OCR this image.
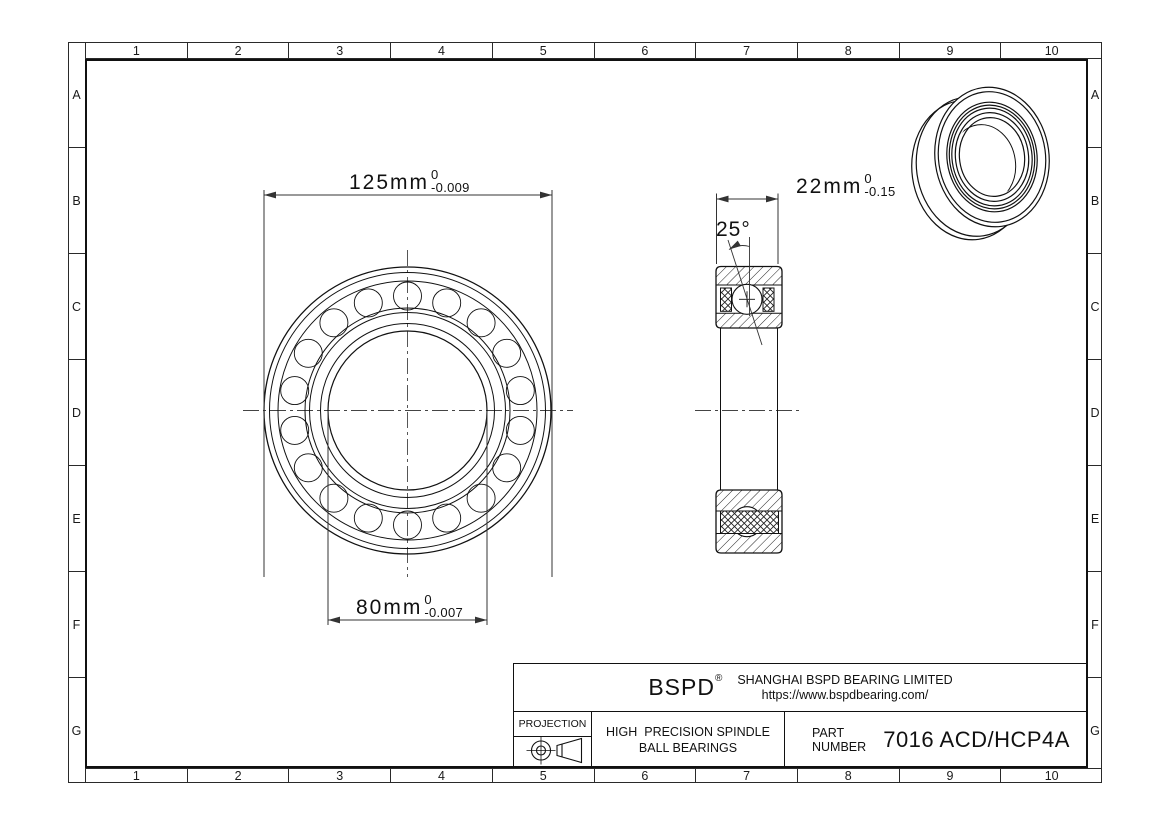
1	2	3	4	5	6	7	8	9	10
1	2	3	4	5	6	7	8	9	10
A
B
C
D
E
F
G
A
B
C
D
E
F
G
125mm 0
-0.009
80mm 0
-0.007
22mm 0
-0.15
25°
BSPD ® SHANGHAI BSPD BEARING LIMITED
https://www.bspdbearing.com/
PROJECTION
HIGH  PRECISION SPINDLE
BALL BEARINGS
PART
NUMBER 7016 ACD/HCP4A
